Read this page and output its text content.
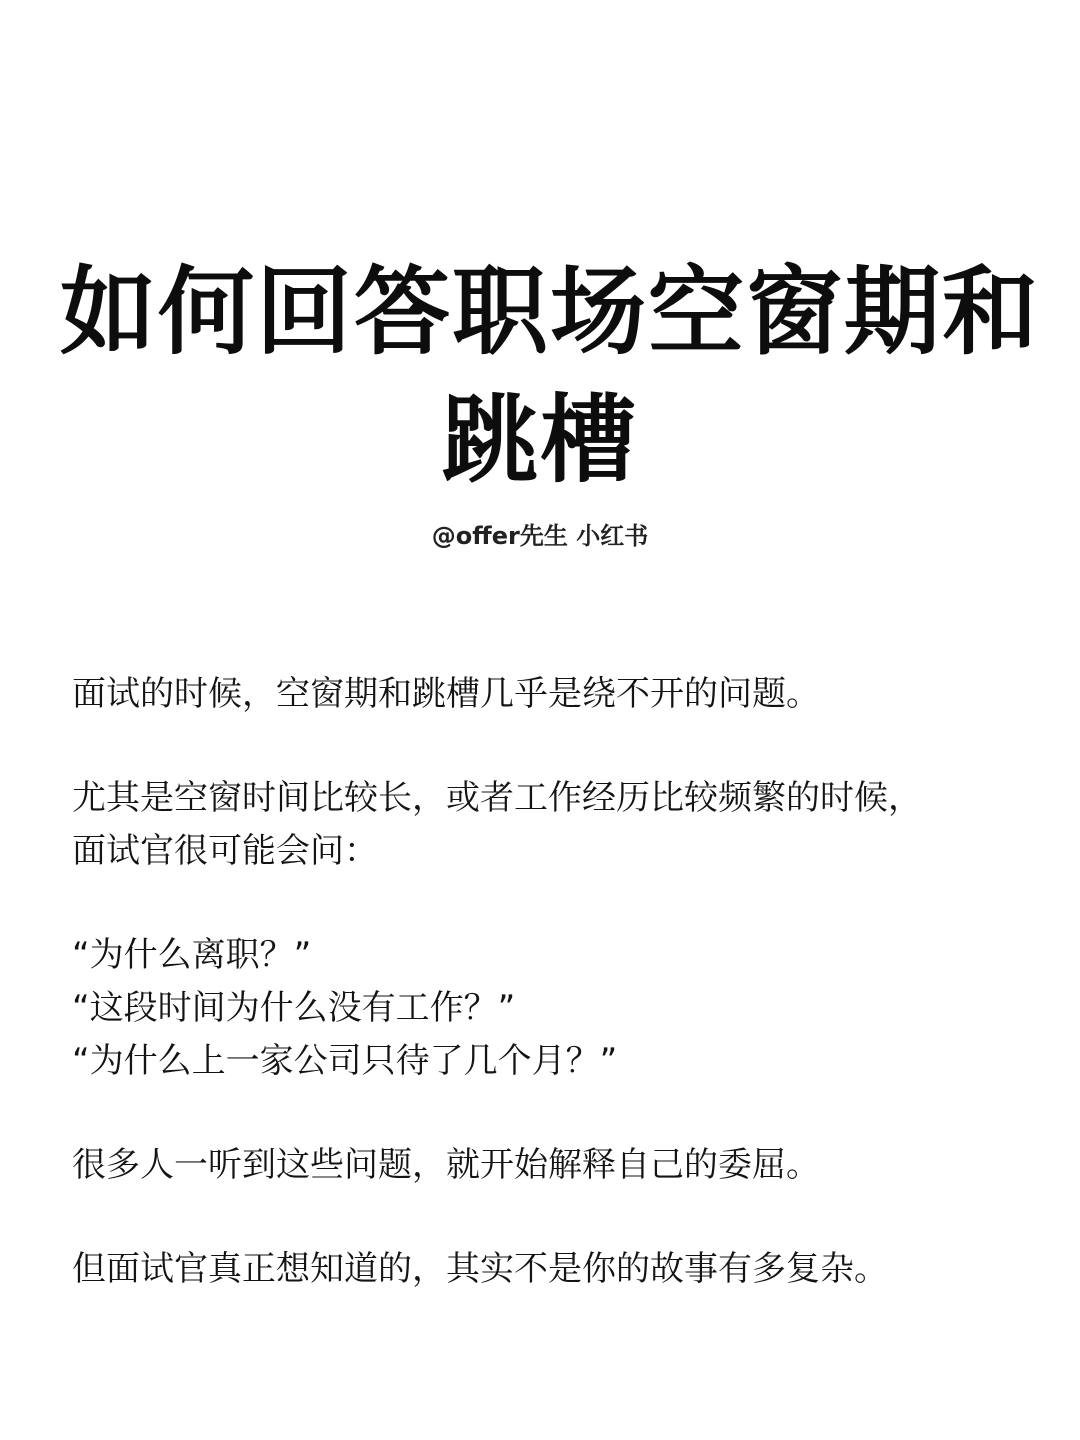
如何回答职场空窗期和
跳槽
@offer先生 小红书

面试的时候，空窗期和跳槽几乎是绕不开的问题。

尤其是空窗时间比较长，或者工作经历比较频繁的时候，

面试官很可能会问：

“为什么离职？”

“这段时间为什么没有工作？”

“为什么上一家公司只待了几个月？”

很多人一听到这些问题，就开始解释自己的委屈。

但面试官真正想知道的，其实不是你的故事有多复杂。
